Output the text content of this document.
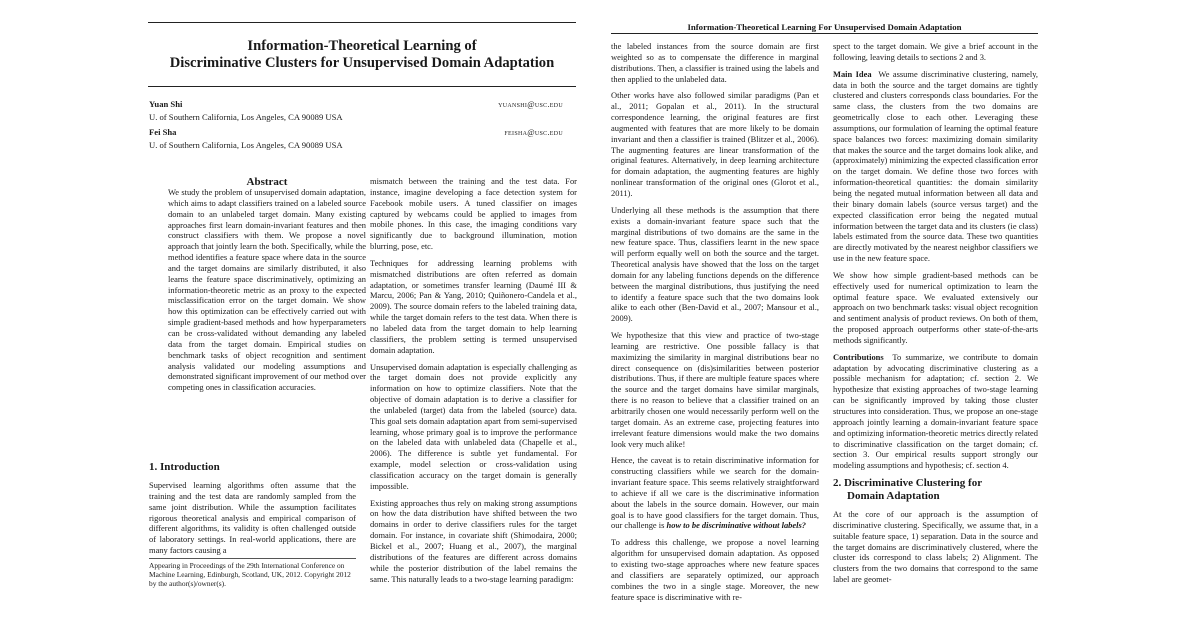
Information-Theoretical Learning of
Discriminative Clusters for Unsupervised Domain Adaptation
Yuan Shi	yuanshi@usc.edu
U. of Southern California, Los Angeles, CA 90089 USA
Fei Sha	feisha@usc.edu
U. of Southern California, Los Angeles, CA 90089 USA
Abstract

We study the problem of unsupervised domain adaptation, which aims to adapt classifiers trained on a labeled source domain to an unlabeled target domain. Many existing approaches first learn domain-invariant features and then construct classifiers with them. We propose a novel approach that jointly learn the both. Specifically, while the method identifies a feature space where data in the source and the target domains are similarly distributed, it also learns the feature space discriminatively, optimizing an information-theoretic metric as an proxy to the expected misclassification error on the target domain. We show how this optimization can be effectively carried out with simple gradient-based methods and how hyperparameters can be cross-validated without demanding any labeled data from the target domain. Empirical studies on benchmark tasks of object recognition and sentiment analysis validated our modeling assumptions and demonstrated significant improvement of our method over competing ones in classification accuracies.

1. Introduction

Supervised learning algorithms often assume that the training and the test data are randomly sampled from the same joint distribution. While the assumption facilitates rigorous theoretical analysis and empirical comparison of different algorithms, its validity is often challenged outside of laboratory settings. In real-world applications, there are many factors causing a

Appearing in Proceedings of the 29th International Conference on Machine Learning, Edinburgh, Scotland, UK, 2012. Copyright 2012 by the author(s)/owner(s).

mismatch between the training and the test data. For instance, imagine developing a face detection system for Facebook mobile users. A tuned classifier on images captured by webcams could be applied to images from mobile phones. In this case, the imaging conditions vary significantly due to background illumination, motion blurring, pose, etc.

Techniques for addressing learning problems with mismatched distributions are often referred as domain adaptation, or sometimes transfer learning (Daumé III & Marcu, 2006; Pan & Yang, 2010; Quiñonero-Candela et al., 2009). The source domain refers to the labeled training data, while the target domain refers to the test data. When there is no labeled data from the target domain to help learning classifiers, the problem setting is termed unsupervised domain adaptation.

Unsupervised domain adaptation is especially challenging as the target domain does not provide explicitly any information on how to optimize classifiers. Note that the objective of domain adaptation is to derive a classifier for the unlabeled (target) data from the labeled (source) data. This goal sets domain adaptation apart from semi-supervised learning, whose primary goal is to improve the performance on the labeled data with unlabeled data (Chapelle et al., 2006). The difference is subtle yet fundamental. For example, model selection or cross-validation using classification accuracy on the target domain is generally impossible.

Existing approaches thus rely on making strong assumptions on how the data distribution have shifted between the two domains in order to derive classifiers rules for the target domain. For instance, in covariate shift (Shimodaira, 2000; Bickel et al., 2007; Huang et al., 2007), the marginal distributions of the features are different across domains while the posterior distribution of the label remains the same. This naturally leads to a two-stage learning paradigm:

Information-Theoretical Learning For Unsupervised Domain Adaptation

the labeled instances from the source domain are first weighted so as to compensate the difference in marginal distributions. Then, a classifier is trained using the labels and then applied to the unlabeled data.

Other works have also followed similar paradigms (Pan et al., 2011; Gopalan et al., 2011). In the structural correspondence learning, the original features are first augmented with features that are more likely to be domain invariant and then a classifier is trained (Blitzer et al., 2006). The augmenting features are linear transformation of the original features. Alternatively, in deep learning architecture for domain adaptation, the augmenting features are highly nonlinear transformation of the original ones (Glorot et al., 2011).

Underlying all these methods is the assumption that there exists a domain-invariant feature space such that the marginal distributions of two domains are the same in the new feature space. Thus, classifiers learnt in the new space will perform equally well on both the source and the target. Theoretical analysis have showed that the loss on the target domain for any labeling functions depends on the difference between the marginal distributions, thus justifying the need to identify a feature space such that the two domains look alike to each other (Ben-David et al., 2007; Mansour et al., 2009).

We hypothesize that this view and practice of two-stage learning are restrictive. One possible fallacy is that maximizing the similarity in marginal distributions bear no direct consequence on (dis)similarities between posterior distributions. Thus, if there are multiple feature spaces where the source and the target domains have similar marginals, there is no reason to believe that a classifier trained on an arbitrarily chosen one would necessarily perform well on the target domain. As an extreme case, projecting features into irrelevant feature dimensions would make the two domains look very much alike!

Hence, the caveat is to retain discriminative information for constructing classifiers while we search for the domain-invariant feature space. This seems relatively straightforward to achieve if all we care is the discriminative information about the labels in the source domain. However, our main goal is to have good classifiers for the target domain. Thus, our challenge is how to be discriminative without labels?

To address this challenge, we propose a novel learning algorithm for unsupervised domain adaptation. As opposed to existing two-stage approaches where new feature spaces and classifiers are separately optimized, our approach combines the two in a single stage. Moreover, the new feature space is discriminative with re-

spect to the target domain. We give a brief account in the following, leaving details to sections 2 and 3.

Main Idea We assume discriminative clustering, namely, data in both the source and the target domains are tightly clustered and clusters corresponds class boundaries. For the same class, the clusters from the two domains are geometrically close to each other. Leveraging these assumptions, our formulation of learning the optimal feature space balances two forces: maximizing domain similarity that makes the source and the target domains look alike, and (approximately) minimizing the expected classification error on the target domain. We define those two forces with information-theoretical quantities: the domain similarity being the negated mutual information between all data and their binary domain labels (source versus target) and the expected classification error being the negated mutual information between the target data and its clusters (ie class) labels estimated from the source data. These two quantities are directly motivated by the nearest neighbor classifiers we use in the new feature space.

We show how simple gradient-based methods can be effectively used for numerical optimization to learn the optimal feature space. We evaluated extensively our approach on two benchmark tasks: visual object recognition and sentiment analysis of product reviews. On both of them, the proposed approach outperforms other state-of-the-arts methods significantly.

Contributions To summarize, we contribute to domain adaptation by advocating discriminative clustering as a possible mechanism for adaptation; cf. section 2. We hypothesize that existing approaches of two-stage learning can be significantly improved by taking those cluster structures into consideration. Thus, we propose an one-stage approach jointly learning a domain-invariant feature space and optimizing information-theoretic metrics directly related to discriminative classification on the target domain; cf. section 3. Our empirical results support strongly our modeling assumptions and hypothesis; cf. section 4.

2. Discriminative Clustering for
Domain Adaptation

At the core of our approach is the assumption of discriminative clustering. Specifically, we assume that, in a suitable feature space, 1) separation. Data in the source and the target domains are discriminatively clustered, where the cluster ids correspond to class labels; 2) Alignment. The clusters from the two domains that correspond to the same label are geomet-
